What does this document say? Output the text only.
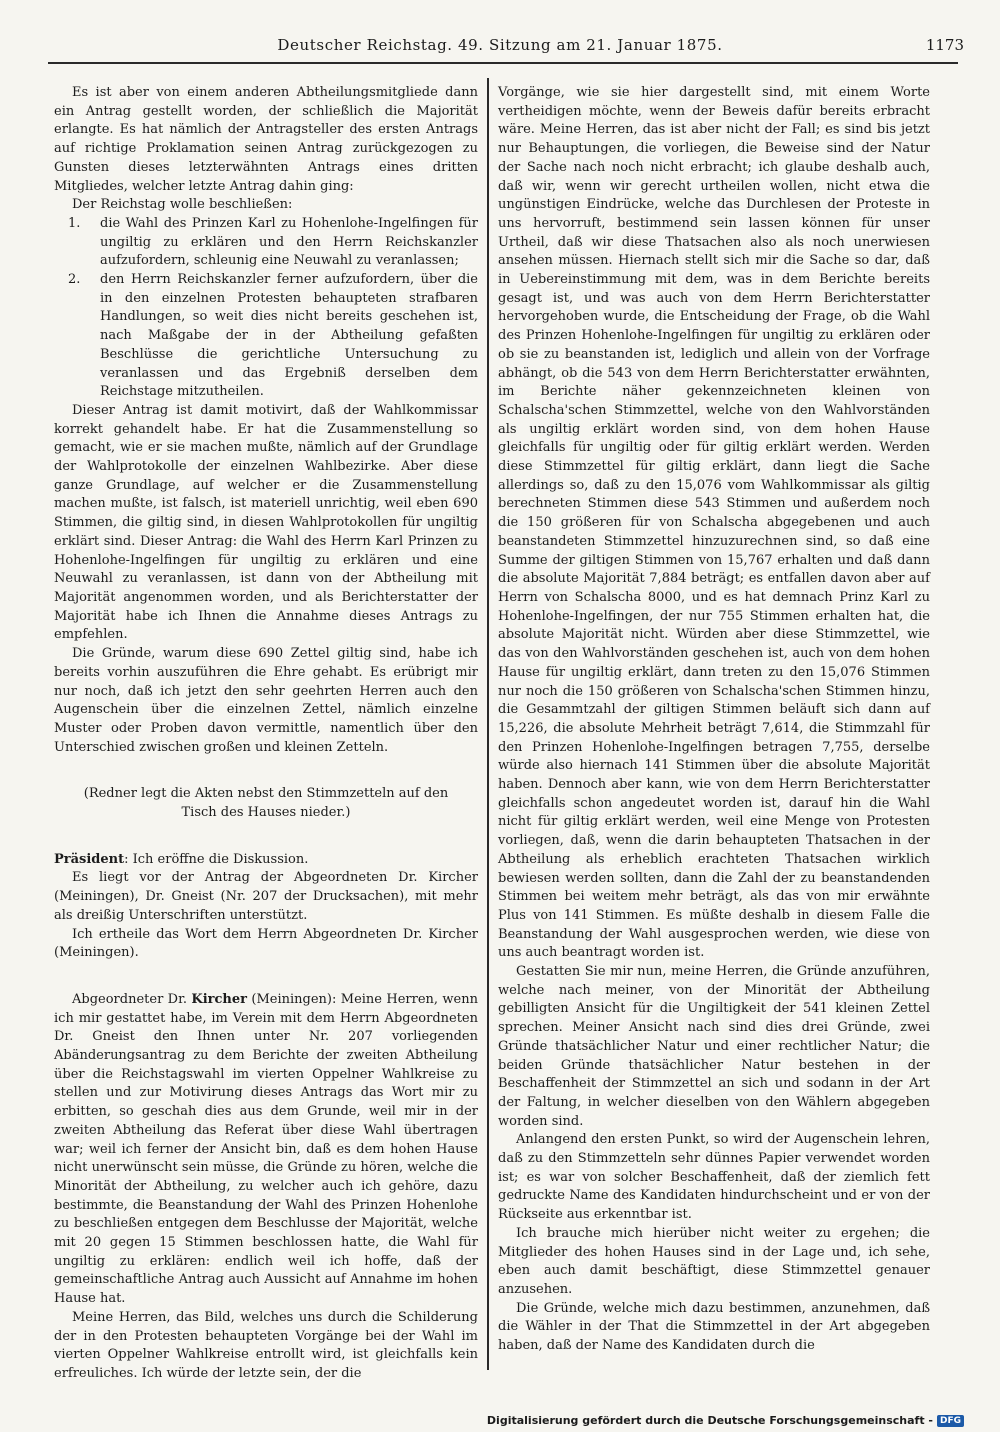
Deutscher Reichstag. 49. Sitzung am 21. Januar 1875.	1173

Es ist aber von einem anderen Abtheilungsmitgliede dann ein Antrag gestellt worden, der schließlich die Majorität erlangte. Es hat nämlich der Antragsteller des ersten Antrags auf richtige Proklamation seinen Antrag zurückgezogen zu Gunsten dieses letzterwähnten Antrags eines dritten Mitgliedes, welcher letzte Antrag dahin ging:

Der Reichstag wolle beschließen:

1.	die Wahl des Prinzen Karl zu Hohenlohe-Ingelfingen für ungiltig zu erklären und den Herrn Reichskanzler aufzufordern, schleunig eine Neuwahl zu veranlassen;
2.	den Herrn Reichskanzler ferner aufzufordern, über die in den einzelnen Protesten behaupteten strafbaren Handlungen, so weit dies nicht bereits geschehen ist, nach Maßgabe der in der Abtheilung gefaßten Beschlüsse die gerichtliche Untersuchung zu veranlassen und das Ergebniß derselben dem Reichstage mitzutheilen.

Dieser Antrag ist damit motivirt, daß der Wahlkommissar korrekt gehandelt habe. Er hat die Zusammenstellung so gemacht, wie er sie machen mußte, nämlich auf der Grundlage der Wahlprotokolle der einzelnen Wahlbezirke. Aber diese ganze Grundlage, auf welcher er die Zusammenstellung machen mußte, ist falsch, ist materiell unrichtig, weil eben 690 Stimmen, die giltig sind, in diesen Wahlprotokollen für ungiltig erklärt sind. Dieser Antrag: die Wahl des Herrn Karl Prinzen zu Hohenlohe-Ingelfingen für ungiltig zu erklären und eine Neuwahl zu veranlassen, ist dann von der Abtheilung mit Majorität angenommen worden, und als Berichterstatter der Majorität habe ich Ihnen die Annahme dieses Antrags zu empfehlen.

Die Gründe, warum diese 690 Zettel giltig sind, habe ich bereits vorhin auszuführen die Ehre gehabt. Es erübrigt mir nur noch, daß ich jetzt den sehr geehrten Herren auch den Augenschein über die einzelnen Zettel, nämlich einzelne Muster oder Proben davon vermittle, namentlich über den Unterschied zwischen großen und kleinen Zetteln.

(Redner legt die Akten nebst den Stimmzetteln auf den Tisch des Hauses nieder.)

Präsident: Ich eröffne die Diskussion.

Es liegt vor der Antrag der Abgeordneten Dr. Kircher (Meiningen), Dr. Gneist (Nr. 207 der Drucksachen), mit mehr als dreißig Unterschriften unterstützt.

Ich ertheile das Wort dem Herrn Abgeordneten Dr. Kircher (Meiningen).

Abgeordneter Dr. Kircher (Meiningen): Meine Herren, wenn ich mir gestattet habe, im Verein mit dem Herrn Abgeordneten Dr. Gneist den Ihnen unter Nr. 207 vorliegenden Abänderungsantrag zu dem Berichte der zweiten Abtheilung über die Reichstagswahl im vierten Oppelner Wahlkreise zu stellen und zur Motivirung dieses Antrags das Wort mir zu erbitten, so geschah dies aus dem Grunde, weil mir in der zweiten Abtheilung das Referat über diese Wahl übertragen war; weil ich ferner der Ansicht bin, daß es dem hohen Hause nicht unerwünscht sein müsse, die Gründe zu hören, welche die Minorität der Abtheilung, zu welcher auch ich gehöre, dazu bestimmte, die Beanstandung der Wahl des Prinzen Hohenlohe zu beschließen entgegen dem Beschlusse der Majorität, welche mit 20 gegen 15 Stimmen beschlossen hatte, die Wahl für ungiltig zu erklären: endlich weil ich hoffe, daß der gemeinschaftliche Antrag auch Aussicht auf Annahme im hohen Hause hat.

Meine Herren, das Bild, welches uns durch die Schilderung der in den Protesten behaupteten Vorgänge bei der Wahl im vierten Oppelner Wahlkreise entrollt wird, ist gleichfalls kein erfreuliches. Ich würde der letzte sein, der die

Vorgänge, wie sie hier dargestellt sind, mit einem Worte vertheidigen möchte, wenn der Beweis dafür bereits erbracht wäre. Meine Herren, das ist aber nicht der Fall; es sind bis jetzt nur Behauptungen, die vorliegen, die Beweise sind der Natur der Sache nach noch nicht erbracht; ich glaube deshalb auch, daß wir, wenn wir gerecht urtheilen wollen, nicht etwa die ungünstigen Eindrücke, welche das Durchlesen der Proteste in uns hervorruft, bestimmend sein lassen können für unser Urtheil, daß wir diese Thatsachen also als noch unerwiesen ansehen müssen. Hiernach stellt sich mir die Sache so dar, daß in Uebereinstimmung mit dem, was in dem Berichte bereits gesagt ist, und was auch von dem Herrn Berichterstatter hervorgehoben wurde, die Entscheidung der Frage, ob die Wahl des Prinzen Hohenlohe-Ingelfingen für ungiltig zu erklären oder ob sie zu beanstanden ist, lediglich und allein von der Vorfrage abhängt, ob die 543 von dem Herrn Berichterstatter erwähnten, im Berichte näher gekennzeichneten kleinen von Schalscha'schen Stimmzettel, welche von den Wahlvorständen als ungiltig erklärt worden sind, von dem hohen Hause gleichfalls für ungiltig oder für giltig erklärt werden. Werden diese Stimmzettel für giltig erklärt, dann liegt die Sache allerdings so, daß zu den 15,076 vom Wahlkommissar als giltig berechneten Stimmen diese 543 Stimmen und außerdem noch die 150 größeren für von Schalscha abgegebenen und auch beanstandeten Stimmzettel hinzuzurechnen sind, so daß eine Summe der giltigen Stimmen von 15,767 erhalten und daß dann die absolute Majorität 7,884 beträgt; es entfallen davon aber auf Herrn von Schalscha 8000, und es hat demnach Prinz Karl zu Hohenlohe-Ingelfingen, der nur 755 Stimmen erhalten hat, die absolute Majorität nicht. Würden aber diese Stimmzettel, wie das von den Wahlvorständen geschehen ist, auch von dem hohen Hause für ungiltig erklärt, dann treten zu den 15,076 Stimmen nur noch die 150 größeren von Schalscha'schen Stimmen hinzu, die Gesammtzahl der giltigen Stimmen beläuft sich dann auf 15,226, die absolute Mehrheit beträgt 7,614, die Stimmzahl für den Prinzen Hohenlohe-Ingelfingen betragen 7,755, derselbe würde also hiernach 141 Stimmen über die absolute Majorität haben. Dennoch aber kann, wie von dem Herrn Berichterstatter gleichfalls schon angedeutet worden ist, darauf hin die Wahl nicht für giltig erklärt werden, weil eine Menge von Protesten vorliegen, daß, wenn die darin behaupteten Thatsachen in der Abtheilung als erheblich erachteten Thatsachen wirklich bewiesen werden sollten, dann die Zahl der zu beanstandenden Stimmen bei weitem mehr beträgt, als das von mir erwähnte Plus von 141 Stimmen. Es müßte deshalb in diesem Falle die Beanstandung der Wahl ausgesprochen werden, wie diese von uns auch beantragt worden ist.

Gestatten Sie mir nun, meine Herren, die Gründe anzuführen, welche nach meiner, von der Minorität der Abtheilung gebilligten Ansicht für die Ungiltigkeit der 541 kleinen Zettel sprechen. Meiner Ansicht nach sind dies drei Gründe, zwei Gründe thatsächlicher Natur und einer rechtlicher Natur; die beiden Gründe thatsächlicher Natur bestehen in der Beschaffenheit der Stimmzettel an sich und sodann in der Art der Faltung, in welcher dieselben von den Wählern abgegeben worden sind.

Anlangend den ersten Punkt, so wird der Augenschein lehren, daß zu den Stimmzetteln sehr dünnes Papier verwendet worden ist; es war von solcher Beschaffenheit, daß der ziemlich fett gedruckte Name des Kandidaten hindurchscheint und er von der Rückseite aus erkenntbar ist.

Ich brauche mich hierüber nicht weiter zu ergehen; die Mitglieder des hohen Hauses sind in der Lage und, ich sehe, eben auch damit beschäftigt, diese Stimmzettel genauer anzusehen.

Die Gründe, welche mich dazu bestimmen, anzunehmen, daß die Wähler in der That die Stimmzettel in der Art abgegeben haben, daß der Name des Kandidaten durch die

Digitalisierung gefördert durch die Deutsche Forschungsgemeinschaft - DFG
